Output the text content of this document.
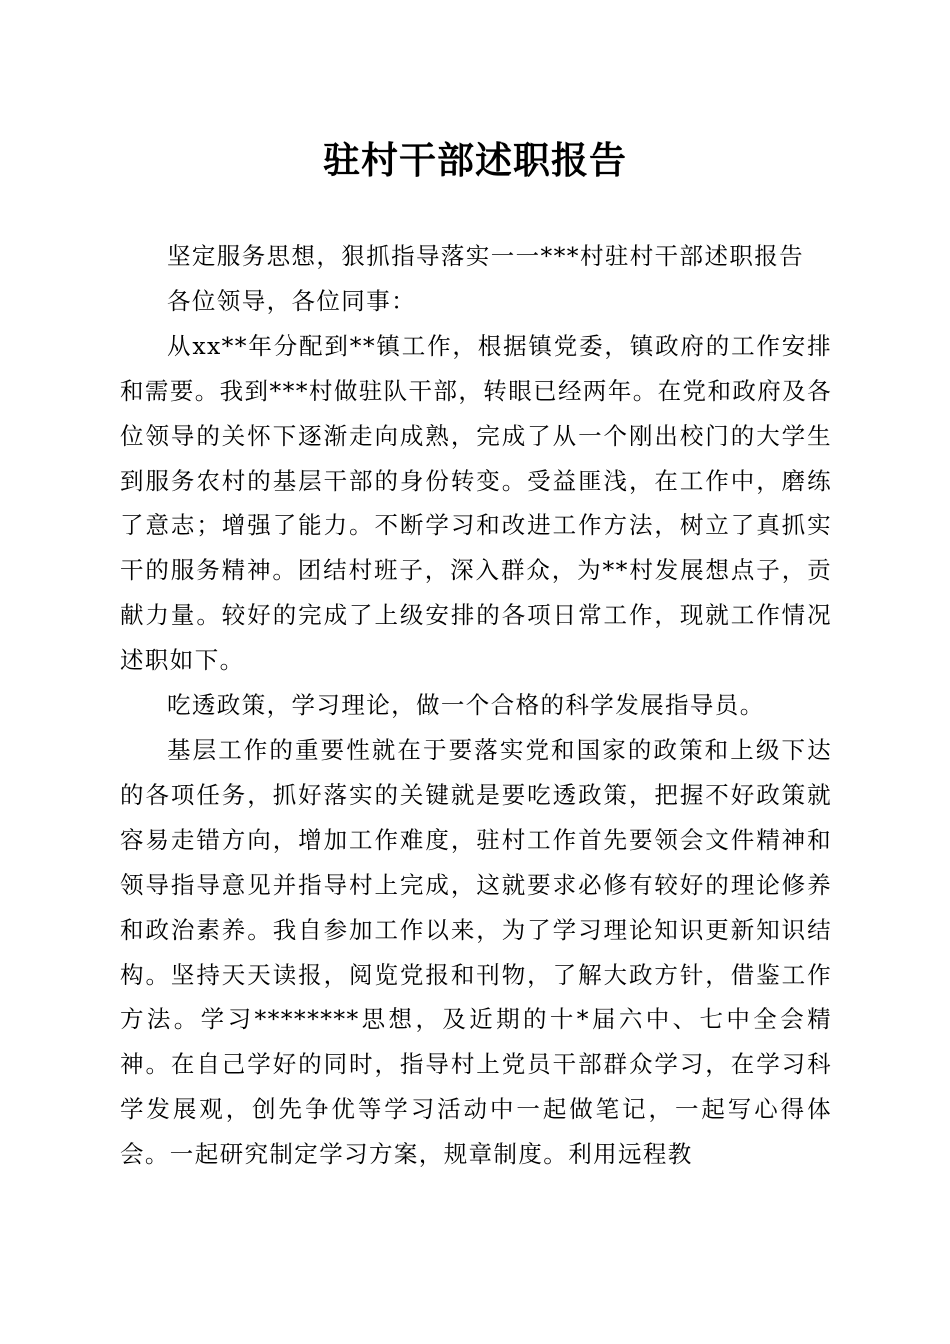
驻村干部述职报告

坚定服务思想，狠抓指导落实一一***村驻村干部述职报告

各位领导，各位同事：

从xx**年分配到**镇工作，根据镇党委，镇政府的工作安排和需要。我到***村做驻队干部，转眼已经两年。在党和政府及各位领导的关怀下逐渐走向成熟，完成了从一个刚出校门的大学生到服务农村的基层干部的身份转变。受益匪浅，在工作中，磨练了意志；增强了能力。不断学习和改进工作方法，树立了真抓实干的服务精神。团结村班子，深入群众，为**村发展想点子，贡献力量。较好的完成了上级安排的各项日常工作，现就工作情况述职如下。

吃透政策，学习理论，做一个合格的科学发展指导员。

基层工作的重要性就在于要落实党和国家的政策和上级下达的各项任务，抓好落实的关键就是要吃透政策，把握不好政策就容易走错方向，增加工作难度，驻村工作首先要领会文件精神和领导指导意见并指导村上完成，这就要求必修有较好的理论修养和政治素养。我自参加工作以来，为了学习理论知识更新知识结构。坚持天天读报，阅览党报和刊物，了解大政方针，借鉴工作方法。学习********思想，及近期的十*届六中、七中全会精神。在自己学好的同时，指导村上党员干部群众学习，在学习科学发展观，创先争优等学习活动中一起做笔记，一起写心得体会。一起研究制定学习方案，规章制度。利用远程教
